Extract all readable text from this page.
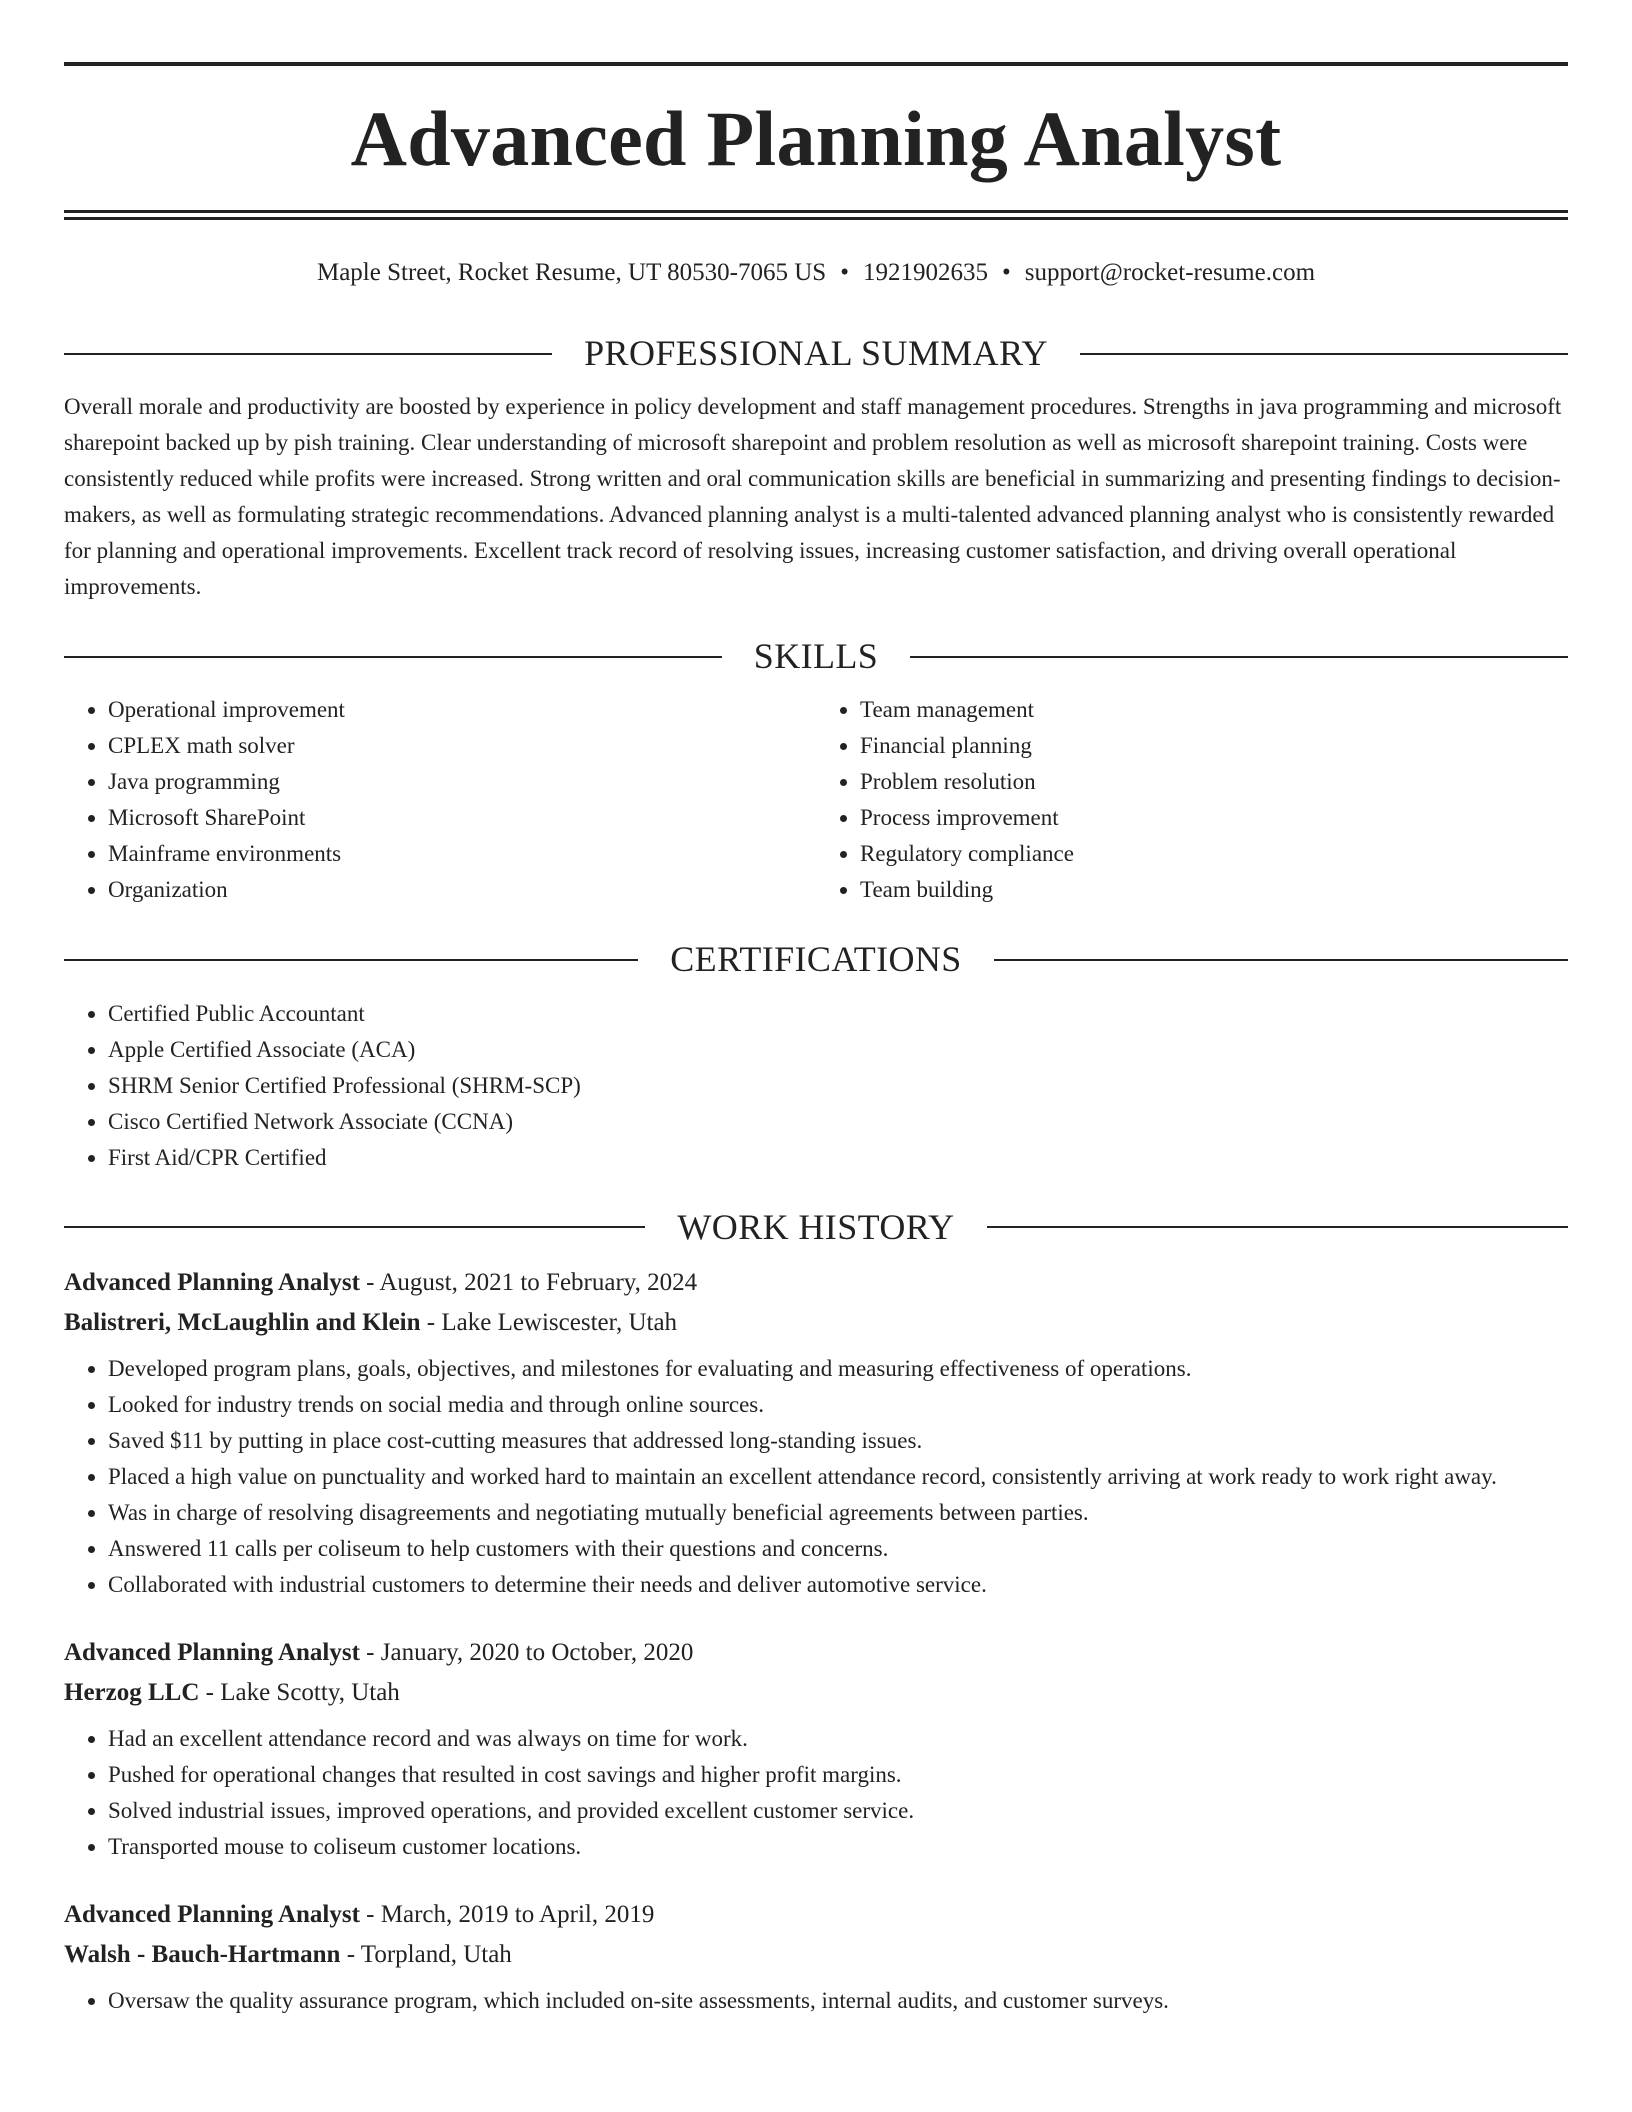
Advanced Planning Analyst
Maple Street, Rocket Resume, UT 80530-7065 US • 1921902635 • support@rocket-resume.com
PROFESSIONAL SUMMARY

Overall morale and productivity are boosted by experience in policy development and staff management procedures. Strengths in java programming and microsoft sharepoint backed up by pish training. Clear understanding of microsoft sharepoint and problem resolution as well as microsoft sharepoint training. Costs were consistently reduced while profits were increased. Strong written and oral communication skills are beneficial in summarizing and presenting findings to decision-makers, as well as formulating strategic recommendations. Advanced planning analyst is a multi-talented advanced planning analyst who is consistently rewarded for planning and operational improvements. Excellent track record of resolving issues, increasing customer satisfaction, and driving overall operational improvements.

SKILLS
• Operational improvement
• CPLEX math solver
• Java programming
• Microsoft SharePoint
• Mainframe environments
• Organization
• Team management
• Financial planning
• Problem resolution
• Process improvement
• Regulatory compliance
• Team building
CERTIFICATIONS
• Certified Public Accountant
• Apple Certified Associate (ACA)
• SHRM Senior Certified Professional (SHRM-SCP)
• Cisco Certified Network Associate (CCNA)
• First Aid/CPR Certified
WORK HISTORY
Advanced Planning Analyst - August, 2021 to February, 2024
Balistreri, McLaughlin and Klein - Lake Lewiscester, Utah
• Developed program plans, goals, objectives, and milestones for evaluating and measuring effectiveness of operations.
• Looked for industry trends on social media and through online sources.
• Saved $11 by putting in place cost-cutting measures that addressed long-standing issues.
• Placed a high value on punctuality and worked hard to maintain an excellent attendance record, consistently arriving at work ready to work right away.
• Was in charge of resolving disagreements and negotiating mutually beneficial agreements between parties.
• Answered 11 calls per coliseum to help customers with their questions and concerns.
• Collaborated with industrial customers to determine their needs and deliver automotive service.
Advanced Planning Analyst - January, 2020 to October, 2020
Herzog LLC - Lake Scotty, Utah
• Had an excellent attendance record and was always on time for work.
• Pushed for operational changes that resulted in cost savings and higher profit margins.
• Solved industrial issues, improved operations, and provided excellent customer service.
• Transported mouse to coliseum customer locations.
Advanced Planning Analyst - March, 2019 to April, 2019
Walsh - Bauch-Hartmann - Torpland, Utah
• Oversaw the quality assurance program, which included on-site assessments, internal audits, and customer surveys.
